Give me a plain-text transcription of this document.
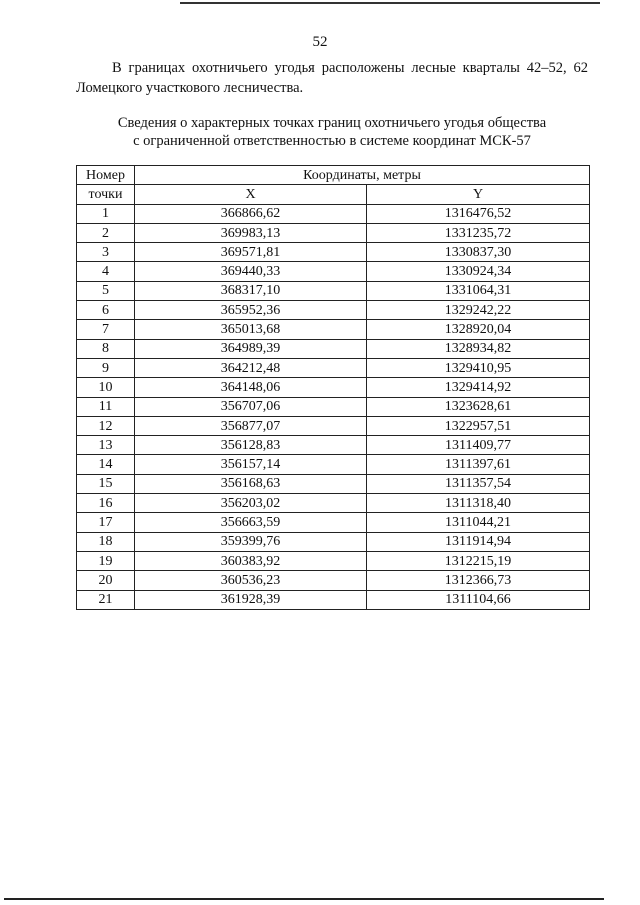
52

В границах охотничьего угодья расположены лесные кварталы 42–52, 62 Ломецкого участкового лесничества.

Сведения о характерных точках границ охотничьего угодья общества
с ограниченной ответственностью в системе координат МСК-57
Номер	Координаты, метры	
точки	X	Y
1	366866,62	1316476,52
2	369983,13	1331235,72
3	369571,81	1330837,30
4	369440,33	1330924,34
5	368317,10	1331064,31
6	365952,36	1329242,22
7	365013,68	1328920,04
8	364989,39	1328934,82
9	364212,48	1329410,95
10	364148,06	1329414,92
11	356707,06	1323628,61
12	356877,07	1322957,51
13	356128,83	1311409,77
14	356157,14	1311397,61
15	356168,63	1311357,54
16	356203,02	1311318,40
17	356663,59	1311044,21
18	359399,76	1311914,94
19	360383,92	1312215,19
20	360536,23	1312366,73
21	361928,39	1311104,66
